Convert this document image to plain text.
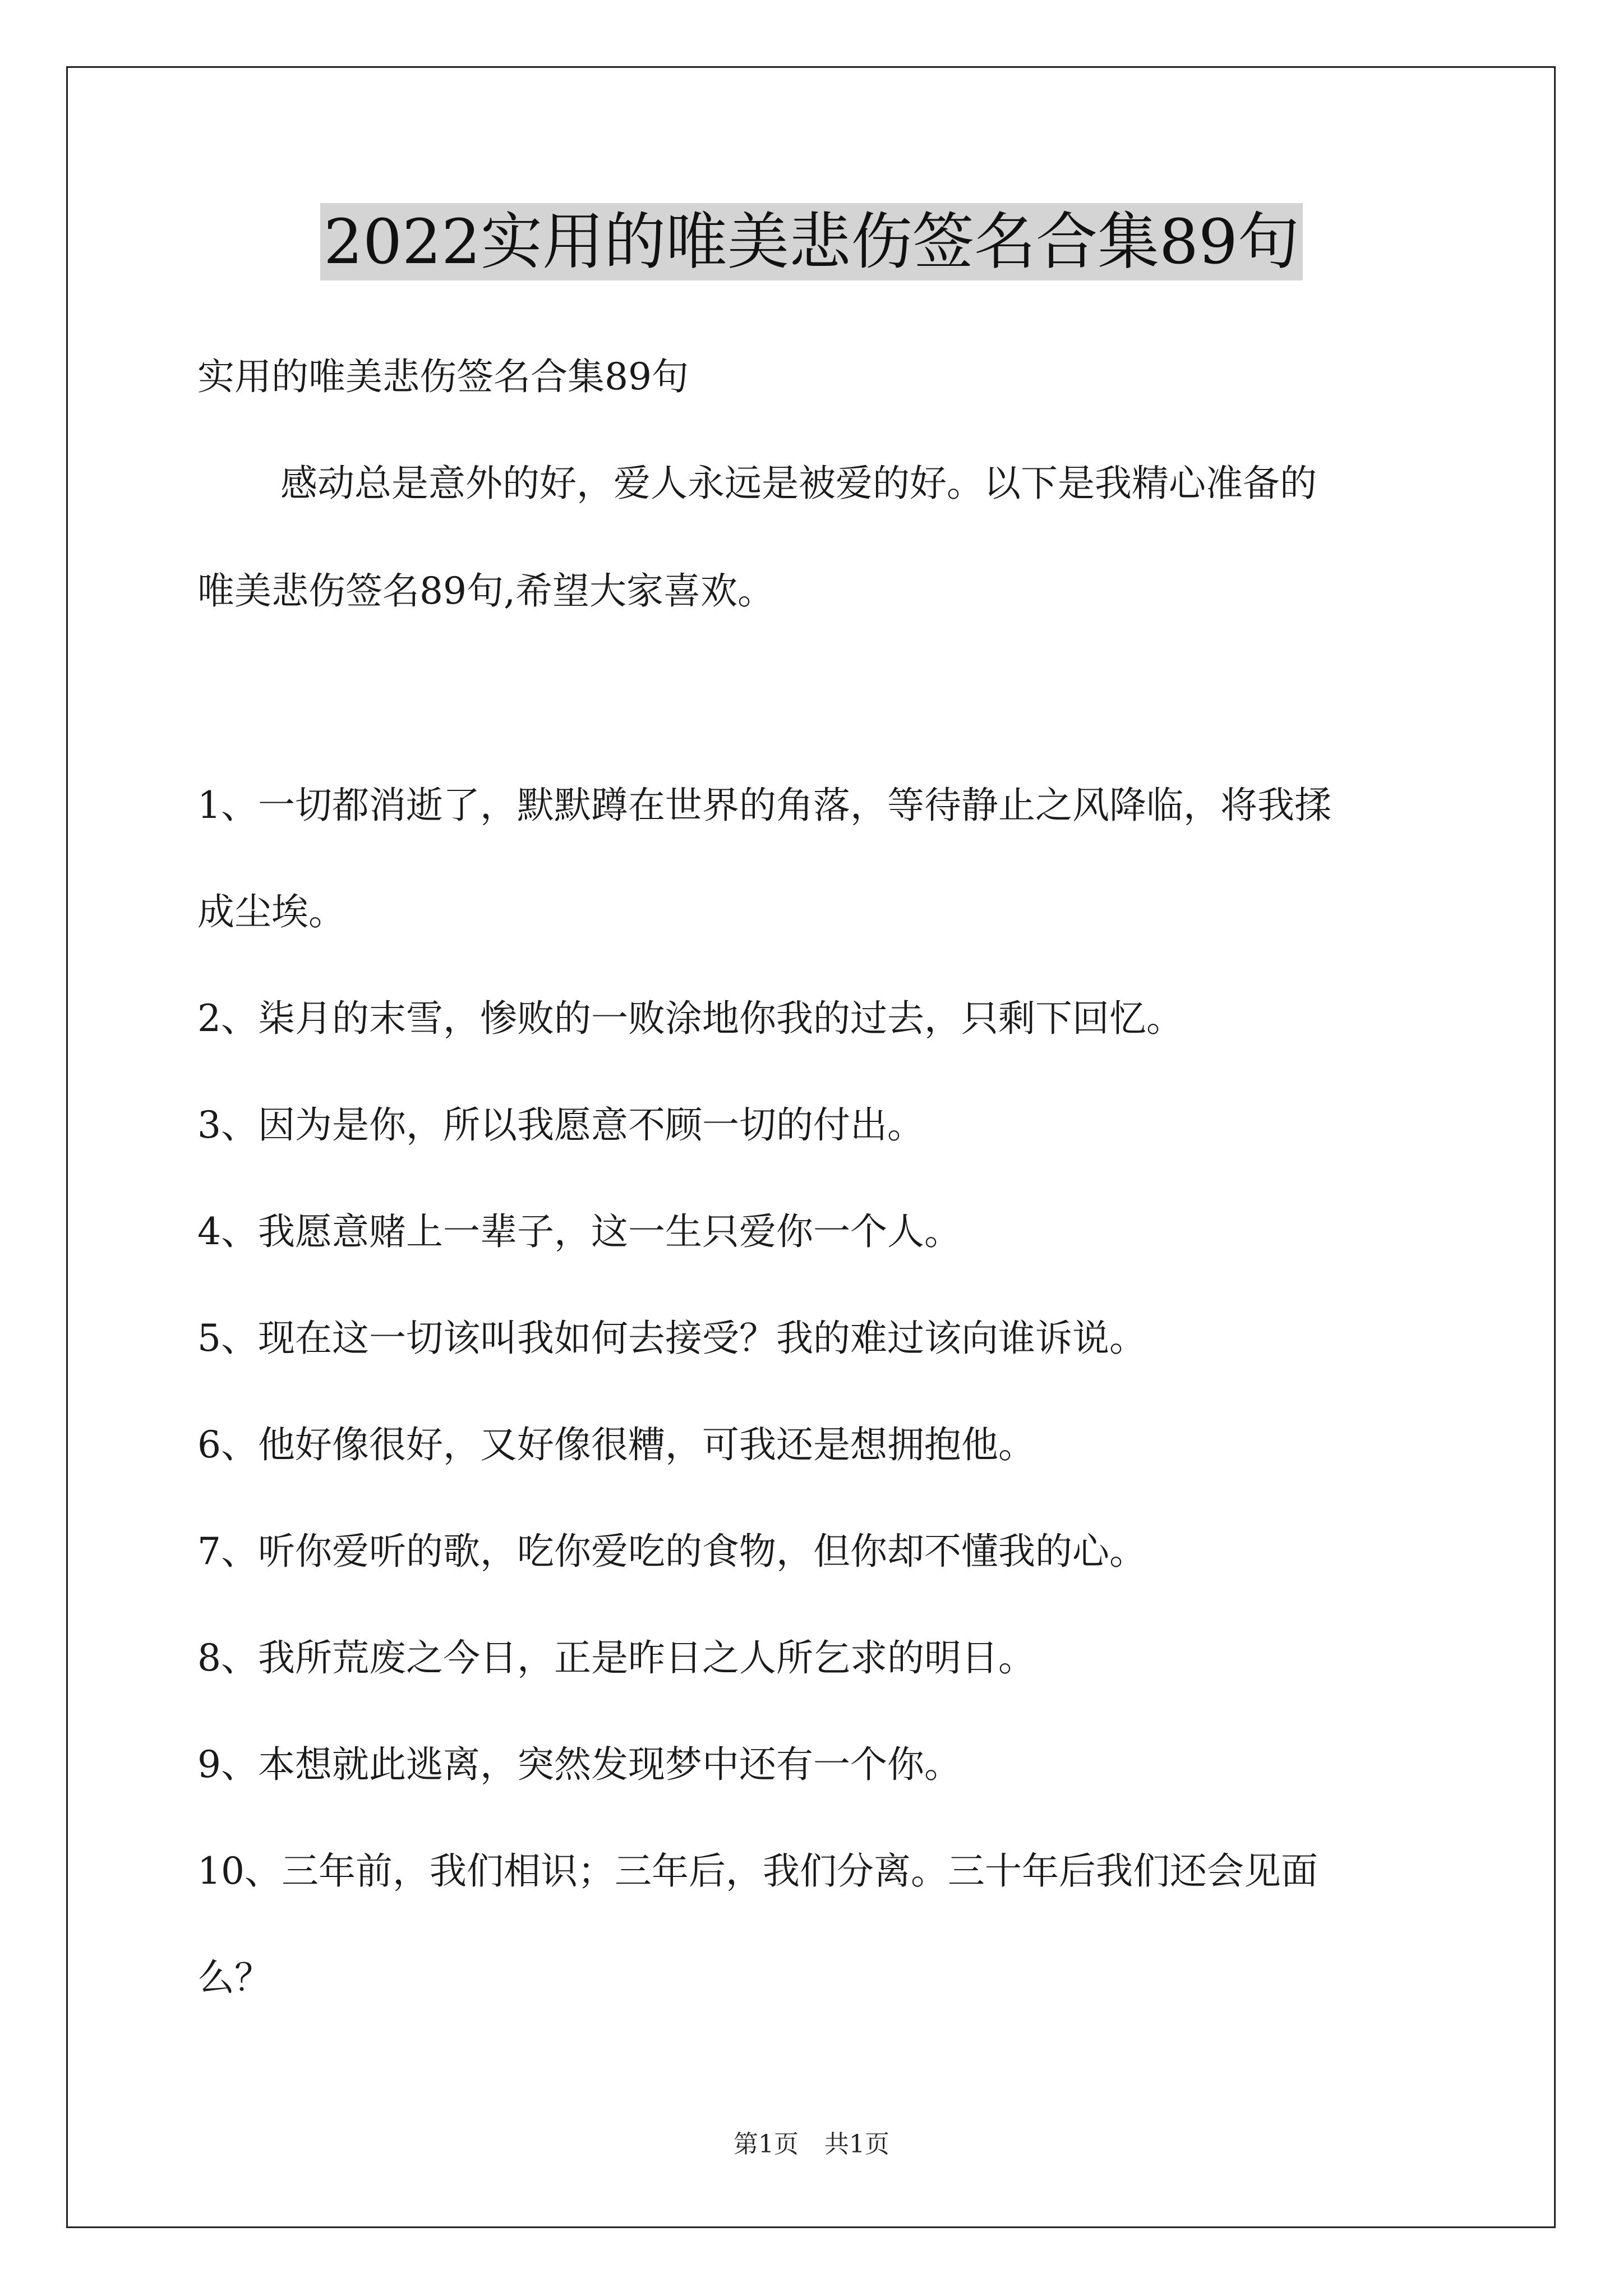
2022实用的唯美悲伤签名合集89句
实用的唯美悲伤签名合集89句
感动总是意外的好，爱人永远是被爱的好。以下是我精心准备的
唯美悲伤签名89句,希望大家喜欢。
1、一切都消逝了，默默蹲在世界的角落，等待静止之风降临，将我揉
成尘埃。
2、柒月的末雪，惨败的一败涂地你我的过去，只剩下回忆。
3、因为是你，所以我愿意不顾一切的付出。
4、我愿意赌上一辈子，这一生只爱你一个人。
5、现在这一切该叫我如何去接受？我的难过该向谁诉说。
6、他好像很好，又好像很糟，可我还是想拥抱他。
7、听你爱听的歌，吃你爱吃的食物，但你却不懂我的心。
8、我所荒废之今日，正是昨日之人所乞求的明日。
9、本想就此逃离，突然发现梦中还有一个你。
10、三年前，我们相识；三年后，我们分离。三十年后我们还会见面
么？
第1页 共1页
